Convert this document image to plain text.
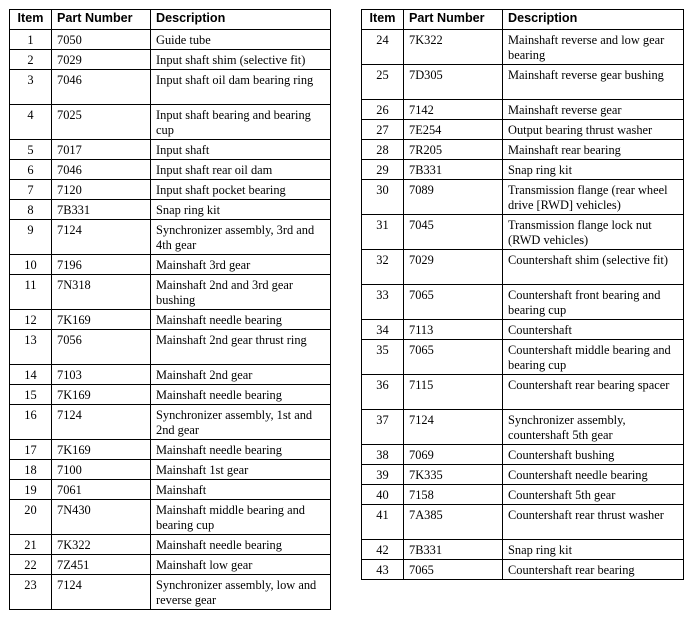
Item	Part Number	Description
1	7050	Guide tube
2	7029	Input shaft shim (selective fit)
3	7046	Input shaft oil dam bearing ring
4	7025	Input shaft bearing and bearing cup
5	7017	Input shaft
6	7046	Input shaft rear oil dam
7	7120	Input shaft pocket bearing
8	7B331	Snap ring kit
9	7124	Synchronizer assembly, 3rd and 4th gear
10	7196	Mainshaft 3rd gear
11	7N318	Mainshaft 2nd and 3rd gear bushing
12	7K169	Mainshaft needle bearing
13	7056	Mainshaft 2nd gear thrust ring
14	7103	Mainshaft 2nd gear
15	7K169	Mainshaft needle bearing
16	7124	Synchronizer assembly, 1st and 2nd gear
17	7K169	Mainshaft needle bearing
18	7100	Mainshaft 1st gear
19	7061	Mainshaft
20	7N430	Mainshaft middle bearing and bearing cup
21	7K322	Mainshaft needle bearing
22	7Z451	Mainshaft low gear
23	7124	Synchronizer assembly, low and reverse gear
Item	Part Number	Description
24	7K322	Mainshaft reverse and low gear bearing
25	7D305	Mainshaft reverse gear bushing
26	7142	Mainshaft reverse gear
27	7E254	Output bearing thrust washer
28	7R205	Mainshaft rear bearing
29	7B331	Snap ring kit
30	7089	Transmission flange (rear wheel drive [RWD] vehicles)
31	7045	Transmission flange lock nut (RWD vehicles)
32	7029	Countershaft shim (selective fit)
33	7065	Countershaft front bearing and bearing cup
34	7113	Countershaft
35	7065	Countershaft middle bearing and bearing cup
36	7115	Countershaft rear bearing spacer
37	7124	Synchronizer assembly, countershaft 5th gear
38	7069	Countershaft bushing
39	7K335	Countershaft needle bearing
40	7158	Countershaft 5th gear
41	7A385	Countershaft rear thrust washer
42	7B331	Snap ring kit
43	7065	Countershaft rear bearing
